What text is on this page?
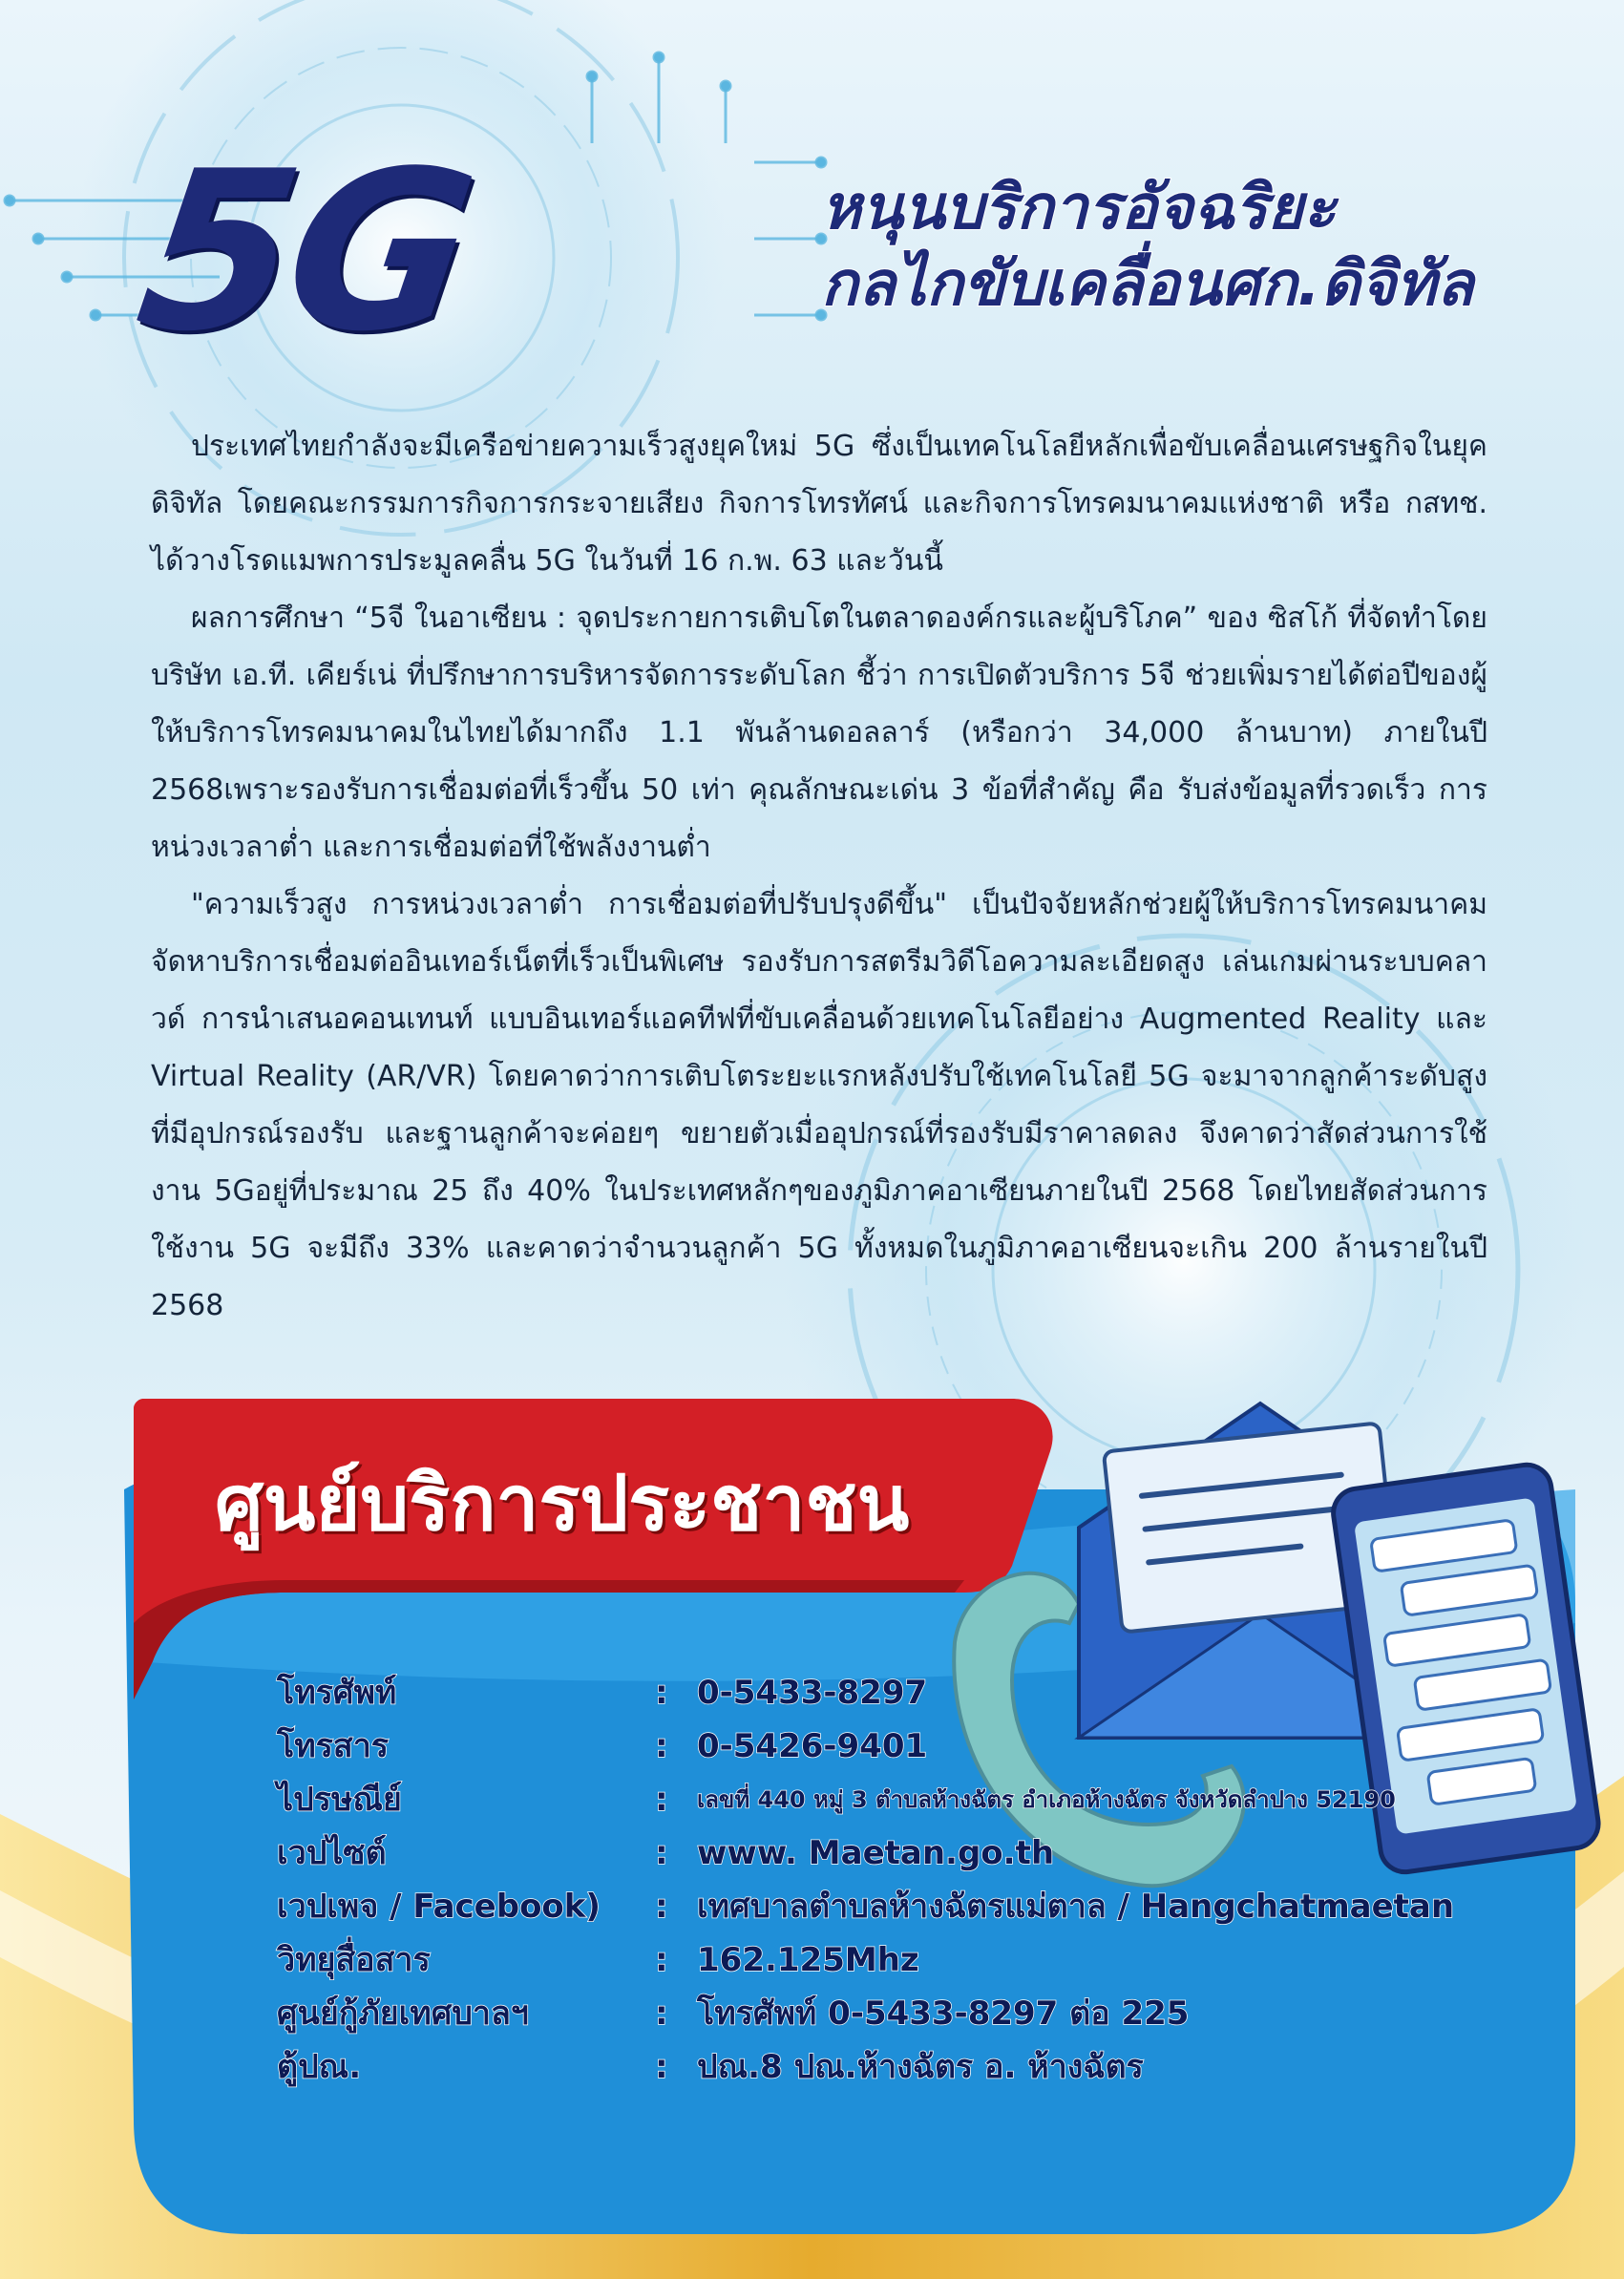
5G	หนุนบริการอัจฉริยะ
กลไกขับเคลื่อนศก.ดิจิทัล

ประเทศไทยกำลังจะมีเครือข่ายความเร็วสูงยุคใหม่ 5G ซึ่งเป็นเทคโนโลยีหลักเพื่อขับเคลื่อนเศรษฐกิจในยุคดิจิทัล โดยคณะกรรมการกิจการกระจายเสียง กิจการโทรทัศน์ และกิจการโทรคมนาคมแห่งชาติ หรือ กสทช. ได้วางโรดแมพการประมูลคลื่น 5G ในวันที่ 16 ก.พ. 63 และวันนี้

ผลการศึกษา “5จี ในอาเซียน : จุดประกายการเติบโตในตลาดองค์กรและผู้บริโภค” ของ ซิสโก้ ที่จัดทำโดย บริษัท เอ.ที. เคียร์เน่ ที่ปรึกษาการบริหารจัดการระดับโลก ชี้ว่า การเปิดตัวบริการ 5จี ช่วยเพิ่มรายได้ต่อปีของผู้ให้บริการโทรคมนาคมในไทยได้มากถึง 1.1 พันล้านดอลลาร์ (หรือกว่า 34,000 ล้านบาท) ภายในปี 2568เพราะรองรับการเชื่อมต่อที่เร็วขึ้น 50 เท่า คุณลักษณะเด่น 3 ข้อที่สำคัญ คือ รับส่งข้อมูลที่รวดเร็ว การหน่วงเวลาต่ำ และการเชื่อมต่อที่ใช้พลังงานต่ำ

"ความเร็วสูง การหน่วงเวลาต่ำ การเชื่อมต่อที่ปรับปรุงดีขึ้น" เป็นปัจจัยหลักช่วยผู้ให้บริการโทรคมนาคมจัดหาบริการเชื่อมต่ออินเทอร์เน็ตที่เร็วเป็นพิเศษ รองรับการสตรีมวิดีโอความละเอียดสูง เล่นเกมผ่านระบบคลาวด์ การนำเสนอคอนเทนท์ แบบอินเทอร์แอคทีฟที่ขับเคลื่อนด้วยเทคโนโลยีอย่าง Augmented Reality และ Virtual Reality (AR/VR) โดยคาดว่าการเติบโตระยะแรกหลังปรับใช้เทคโนโลยี 5G จะมาจากลูกค้าระดับสูงที่มีอุปกรณ์รองรับ และฐานลูกค้าจะค่อยๆ ขยายตัวเมื่ออุปกรณ์ที่รองรับมีราคาลดลง จึงคาดว่าสัดส่วนการใช้งาน 5Gอยู่ที่ประมาณ 25 ถึง 40% ในประเทศหลักๆของภูมิภาคอาเซียนภายในปี 2568 โดยไทยสัดส่วนการใช้งาน 5G จะมีถึง 33% และคาดว่าจำนวนลูกค้า 5G ทั้งหมดในภูมิภาคอาเซียนจะเกิน 200 ล้านรายในปี 2568

ศูนย์บริการประชาชน
โทรศัพท์	: 0-5433-8297
โทรสาร	: 0-5426-9401
ไปรษณีย์	: เลขที่ 440 หมู่ 3 ตำบลห้างฉัตร อำเภอห้างฉัตร จังหวัดลำปาง 52190
เวปไซต์	: www. Maetan.go.th
เวปเพจ / Facebook) : เทศบาลตำบลห้างฉัตรแม่ตาล / Hangchatmaetan
วิทยุสื่อสาร	: 162.125Mhz
ศูนย์กู้ภัยเทศบาลฯ	: โทรศัพท์ 0-5433-8297 ต่อ 225
ตู้ปณ.	: ปณ.8 ปณ.ห้างฉัตร อ. ห้างฉัตร
